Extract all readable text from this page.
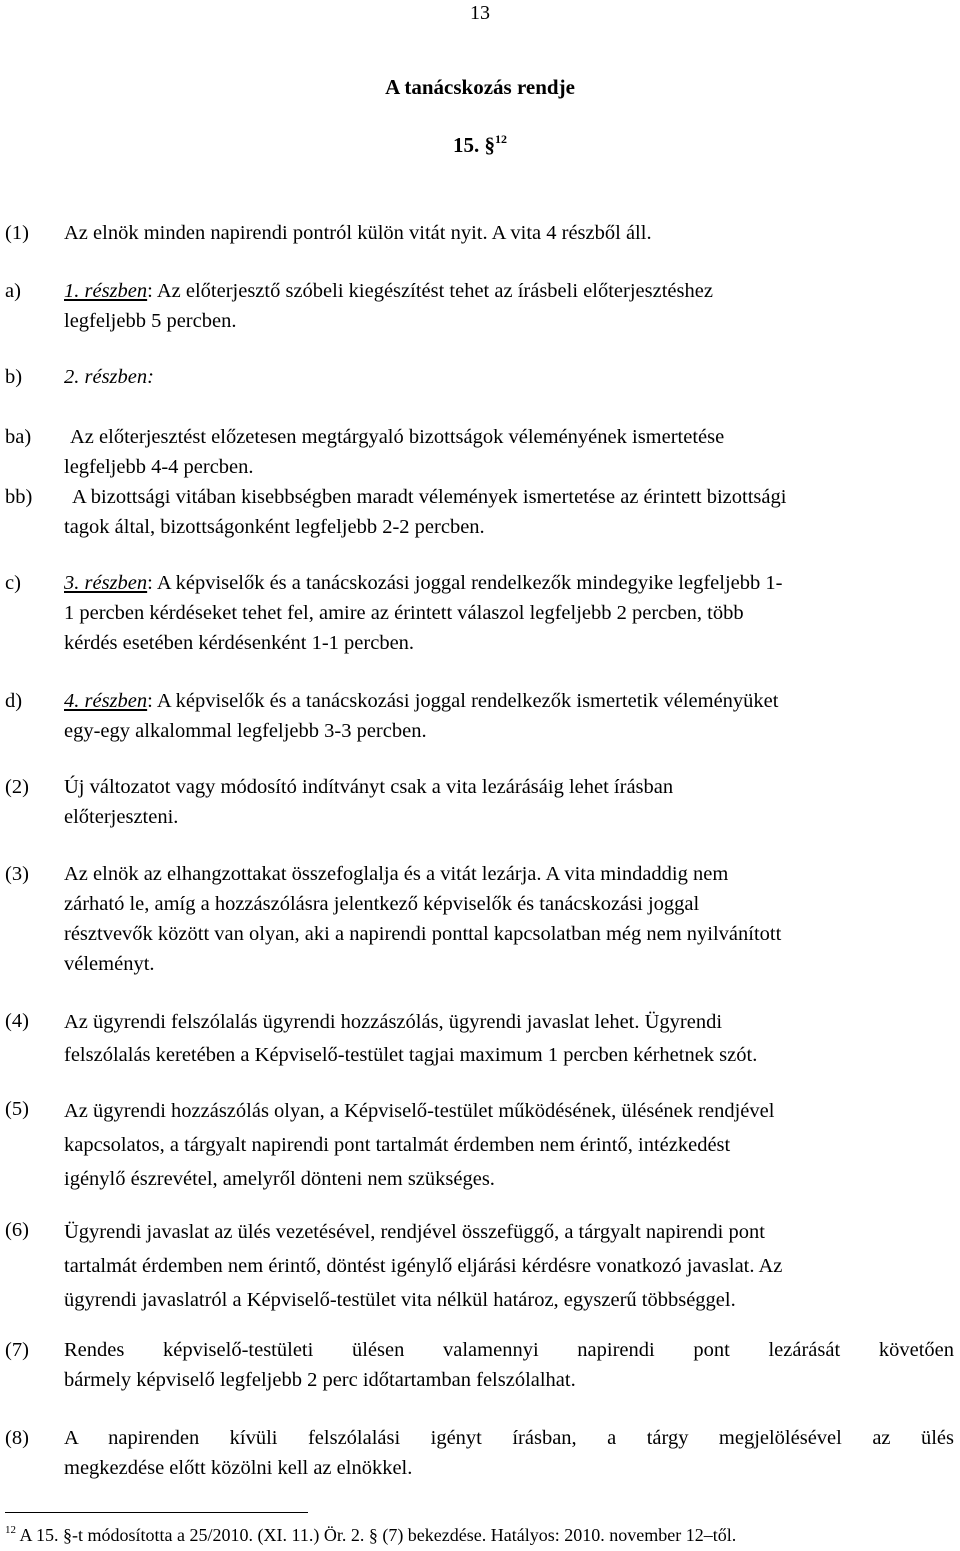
13
A tanácskozás rendje
15. §$^{12}$
(1) Az elnök minden napirendi pontról külön vitát nyit. A vita 4 részből áll.
a) 1. részben: Az előterjesztő szóbeli kiegészítést tehet az írásbeli előterjesztéshez
legfeljebb 5 percben.
b) 2. részben:
ba) Az előterjesztést előzetesen megtárgyaló bizottságok véleményének ismertetése
legfeljebb 4-4 percben.
bb)	A bizottsági vitában kisebbségben maradt vélemények ismertetése az érintett bizottsági
tagok által, bizottságonként legfeljebb 2-2 percben.
c) 3. részben: A képviselők és a tanácskozási joggal rendelkezők mindegyike legfeljebb 1-
1 percben kérdéseket tehet fel, amire az érintett válaszol legfeljebb 2 percben, több
kérdés esetében kérdésenként 1-1 percben.
d) 4. részben: A képviselők és a tanácskozási joggal rendelkezők ismertetik véleményüket
egy-egy alkalommal legfeljebb 3-3 percben.
(2) Új változatot vagy módosító indítványt csak a vita lezárásáig lehet írásban
előterjeszteni.
(3) Az elnök az elhangzottakat összefoglalja és a vitát lezárja. A vita mindaddig nem
zárható le, amíg a hozzászólásra jelentkező képviselők és tanácskozási joggal
résztvevők között van olyan, aki a napirendi ponttal kapcsolatban még nem nyilvánított
véleményt.
(4) Az ügyrendi felszólalás ügyrendi hozzászólás, ügyrendi javaslat lehet. Ügyrendi
felszólalás keretében a Képviselő-testület tagjai maximum 1 percben kérhetnek szót.
(5) Az ügyrendi hozzászólás olyan, a Képviselő-testület működésének, ülésének rendjével
kapcsolatos, a tárgyalt napirendi pont tartalmát érdemben nem érintő, intézkedést
igénylő észrevétel, amelyről dönteni nem szükséges.
(6) Ügyrendi javaslat az ülés vezetésével, rendjével összefüggő, a tárgyalt napirendi pont
tartalmát érdemben nem érintő, döntést igénylő eljárási kérdésre vonatkozó javaslat. Az
ügyrendi javaslatról a Képviselő-testület vita nélkül határoz, egyszerű többséggel.
(7) Rendes képviselő-testületi ülésen valamennyi napirendi pont lezárását követően
bármely képviselő legfeljebb 2 perc időtartamban felszólalhat.
(8) A napirenden kívüli felszólalási igényt írásban, a tárgy megjelölésével az ülés
megkezdése előtt közölni kell az elnökkel.
$^{12}$ A 15. §-t módosította a 25/2010. (XI. 11.) Ör. 2. § (7) bekezdése. Hatályos: 2010. november 12–től.
